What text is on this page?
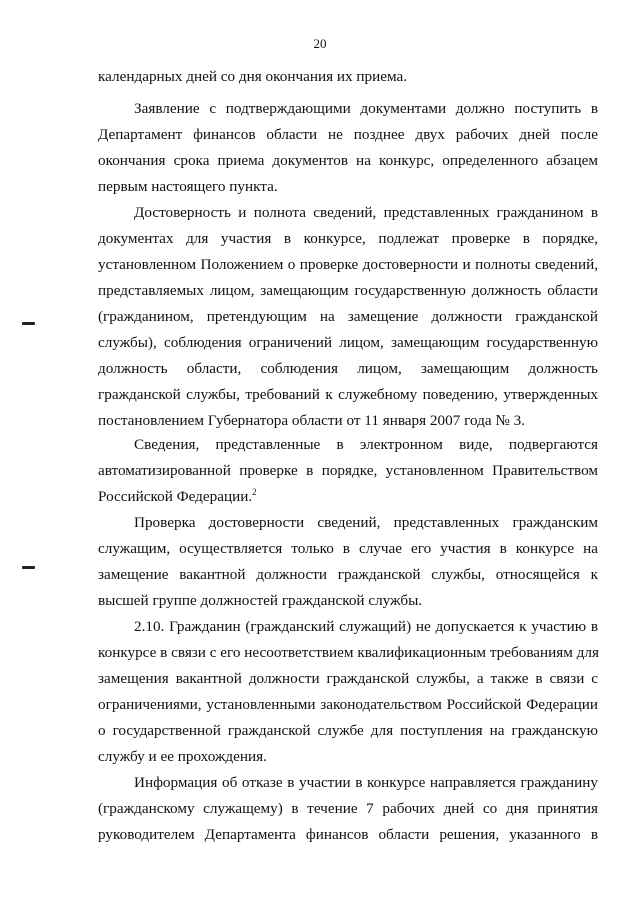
20
календарных дней со дня окончания их приема.
Заявление с подтверждающими документами должно поступить в
Департамент финансов области не позднее двух рабочих дней после
окончания срока приема документов на конкурс, определенного абзацем
первым настоящего пункта.
Достоверность и полнота сведений, представленных гражданином в
документах для участия в конкурсе, подлежат проверке в порядке,
установленном Положением о проверке достоверности и полноты сведений,
представляемых лицом, замещающим государственную должность области
(гражданином, претендующим на замещение должности гражданской
службы), соблюдения ограничений лицом, замещающим государственную
должность области, соблюдения лицом, замещающим должность
гражданской службы, требований к служебному поведению, утвержденных
постановлением Губернатора области от 11 января 2007 года № 3.
Сведения, представленные в электронном виде, подвергаются
автоматизированной проверке в порядке, установленном Правительством
Российской Федерации.$^2$
Проверка достоверности сведений, представленных гражданским
служащим, осуществляется только в случае его участия в конкурсе на
замещение вакантной должности гражданской службы, относящейся к
высшей группе должностей гражданской службы.
2.10. Гражданин (гражданский служащий) не допускается к участию в
конкурсе в связи с его несоответствием квалификационным требованиям для
замещения вакантной должности гражданской службы, а также в связи с
ограничениями, установленными законодательством Российской Федерации
о государственной гражданской службе для поступления на гражданскую
службу и ее прохождения.
Информация об отказе в участии в конкурсе направляется гражданину
(гражданскому служащему) в течение 7 рабочих дней со дня принятия
руководителем Департамента финансов области решения, указанного в
